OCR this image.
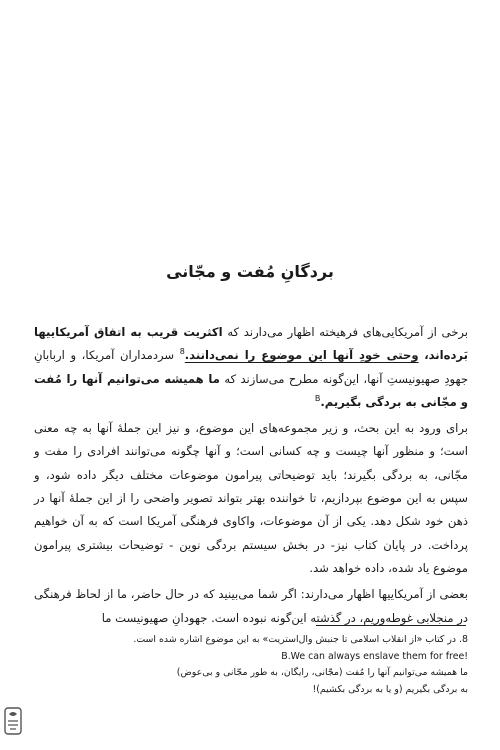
بردگانِ مُفت و مجّانی

برخی از آمریکایی‌های فرهیخته اظهار می‌دارند که اکثریت قریب به اتفاق آمریکاییها بَرده‌اند، وحتی خودِ آنها این موضوع را نمی‌دانند.$^8$ سردمداران آمریکا، و اربابانِ جهودِ صهیونیستِ آنها، این‌گونه مطرح می‌سازند که ما همیشه می‌توانیم آنها را مُفت و مجّانی به بردگی بگیریم.$^B$

برای ورود به این بحث، و زیر مجموعه‌های این موضوع، و نیز این جملهٔ آنها به چه معنی است؛ و منظور آنها چیست و چه کسانی است؛ و آنها چگونه می‌توانند افرادی را مفت و مجّانی، به بردگی بگیرند؛ باید توضیحاتی پیرامون موضوعات مختلف دیگر داده شود، و سپس به این موضوع بپردازیم، تا خواننده بهتر بتواند تصویر واضحی را از این جملهٔ آنها در ذهن خود شکل دهد. یکی از آن موضوعات، واکاوی فرهنگی آمریکا است که به آن خواهیم پرداخت. در پایان کتاب نیز- در بخش سیستم بردگی نوین - توضیحات بیشتری پیرامون موضوع یاد شده، داده خواهد شد.

بعضی از آمریکاییها اظهار می‌دارند: اگر شما می‌بینید که در حال حاضر، ما از لحاظ فرهنگی در منجلابی غوطه‌وریم، در گذشته این‌گونه نبوده است. جهودانِ صهیونیست ما

8. در کتاب «از انقلاب اسلامی تا جنبش وال‌استریت» به این موضوع اشاره شده است.

B.We can always enslave them for free!

ما همیشه می‌توانیم آنها را مُفت (مجّانی، رایگان، به طور مجّانی و بی‌عوض)

به بردگی بگیریم (و یا به بردگی بکشیم)!
